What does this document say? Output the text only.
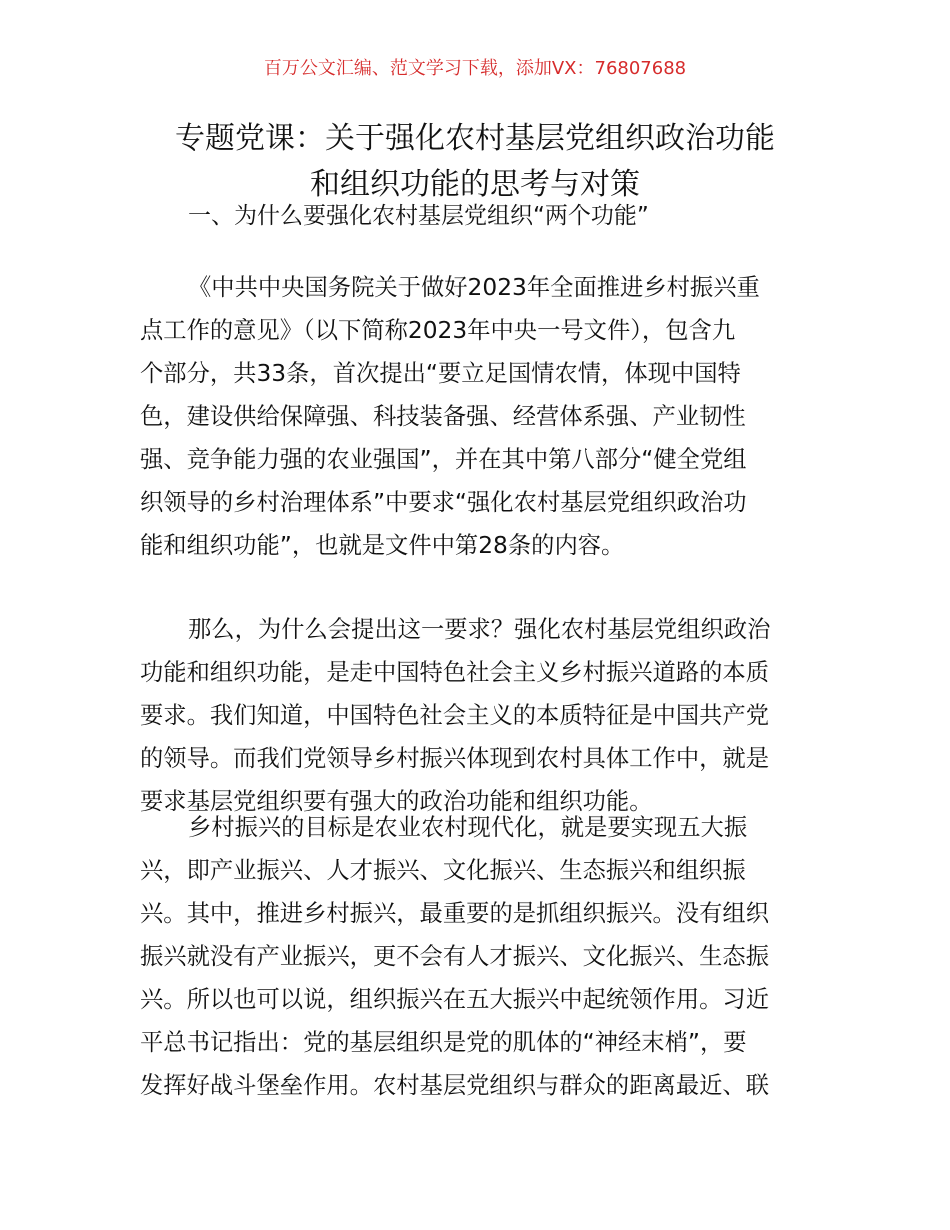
百万公文汇编、范文学习下载，添加VX：76807688
专题党课：关于强化农村基层党组织政治功能
和组织功能的思考与对策
一、为什么要强化农村基层党组织“两个功能”
《中共中央国务院关于做好2023年全面推进乡村振兴重
点工作的意见》（以下简称2023年中央一号文件），包含九
个部分，共33条，首次提出“要立足国情农情，体现中国特
色，建设供给保障强、科技装备强、经营体系强、产业韧性
强、竞争能力强的农业强国”，并在其中第八部分“健全党组
织领导的乡村治理体系”中要求“强化农村基层党组织政治功
能和组织功能”，也就是文件中第28条的内容。
那么，为什么会提出这一要求？强化农村基层党组织政治
功能和组织功能，是走中国特色社会主义乡村振兴道路的本质
要求。我们知道，中国特色社会主义的本质特征是中国共产党
的领导。而我们党领导乡村振兴体现到农村具体工作中，就是
要求基层党组织要有强大的政治功能和组织功能。
乡村振兴的目标是农业农村现代化，就是要实现五大振
兴，即产业振兴、人才振兴、文化振兴、生态振兴和组织振
兴。其中，推进乡村振兴，最重要的是抓组织振兴。没有组织
振兴就没有产业振兴，更不会有人才振兴、文化振兴、生态振
兴。所以也可以说，组织振兴在五大振兴中起统领作用。习近
平总书记指出：党的基层组织是党的肌体的“神经末梢”，要
发挥好战斗堡垒作用。农村基层党组织与群众的距离最近、联
